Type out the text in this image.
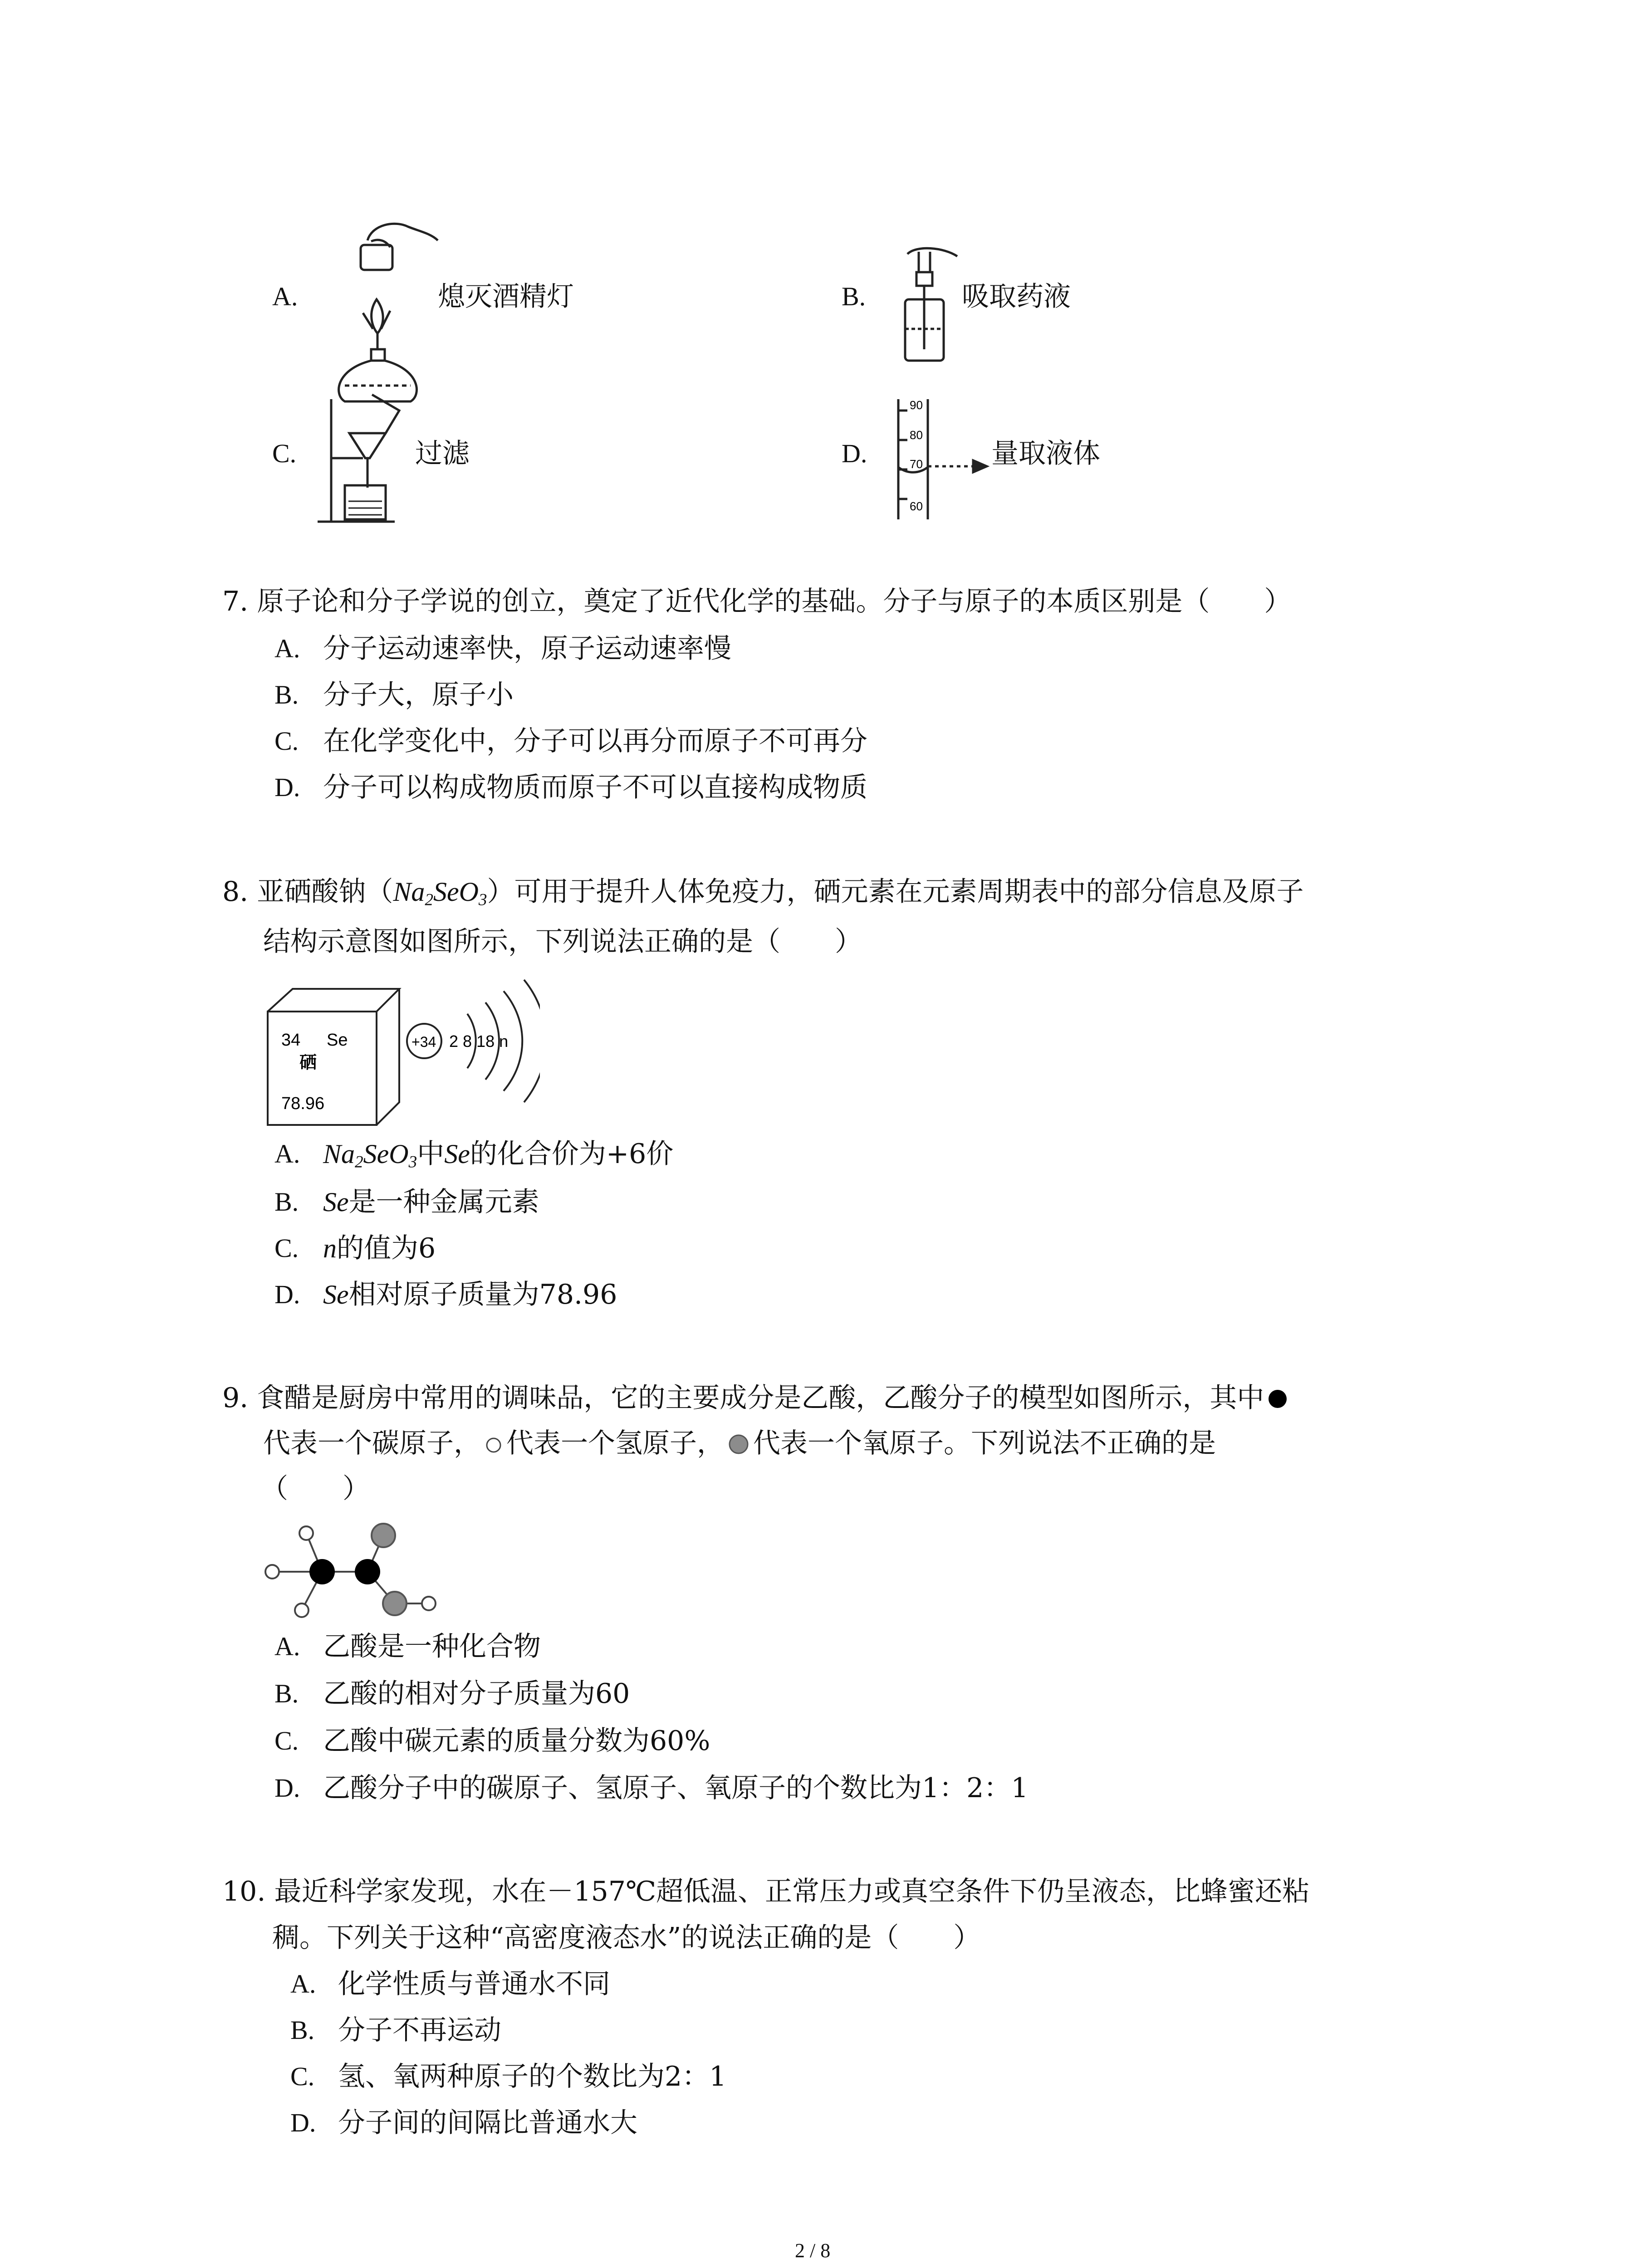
A.	熄灭酒精灯	B.	吸取药液
C.	过滤	D.
90
80
70
60
量取液体
7. 原子论和分子学说的创立，奠定了近代化学的基础。分子与原子的本质区别是（　　）
A. 分子运动速率快，原子运动速率慢
B. 分子大，原子小
C. 在化学变化中，分子可以再分而原子不可再分
D. 分子可以构成物质而原子不可以直接构成物质
8. 亚硒酸钠$(Na_2SeO_3)$可用于提升人体免疫力，硒元素在元素周期表中的部分信息及原子
结构示意图如图所示，下列说法正确的是（　　）
34 Se
硒
78.96
+34 2 8 18 n
A. $Na_2SeO_3$中Se的化合价为+6价
B. Se是一种金属元素
C. n的值为6
D. Se相对原子质量为78.96
9. 食醋是厨房中常用的调味品，它的主要成分是乙酸，乙酸分子的模型如图所示，其中
代表一个碳原子， 代表一个氢原子， 代表一个氧原子。下列说法不正确的是
（　　）
A. 乙酸是一种化合物
B. 乙酸的相对分子质量为60
C. 乙酸中碳元素的质量分数为60%
D. 乙酸分子中的碳原子、氢原子、氧原子的个数比为1：2：1
10. 最近科学家发现，水在－157℃超低温、正常压力或真空条件下仍呈液态，比蜂蜜还粘
稠。下列关于这种“高密度液态水”的说法正确的是（　　）
A. 化学性质与普通水不同
B. 分子不再运动
C. 氢、氧两种原子的个数比为2：1
D. 分子间的间隔比普通水大
2 / 8
